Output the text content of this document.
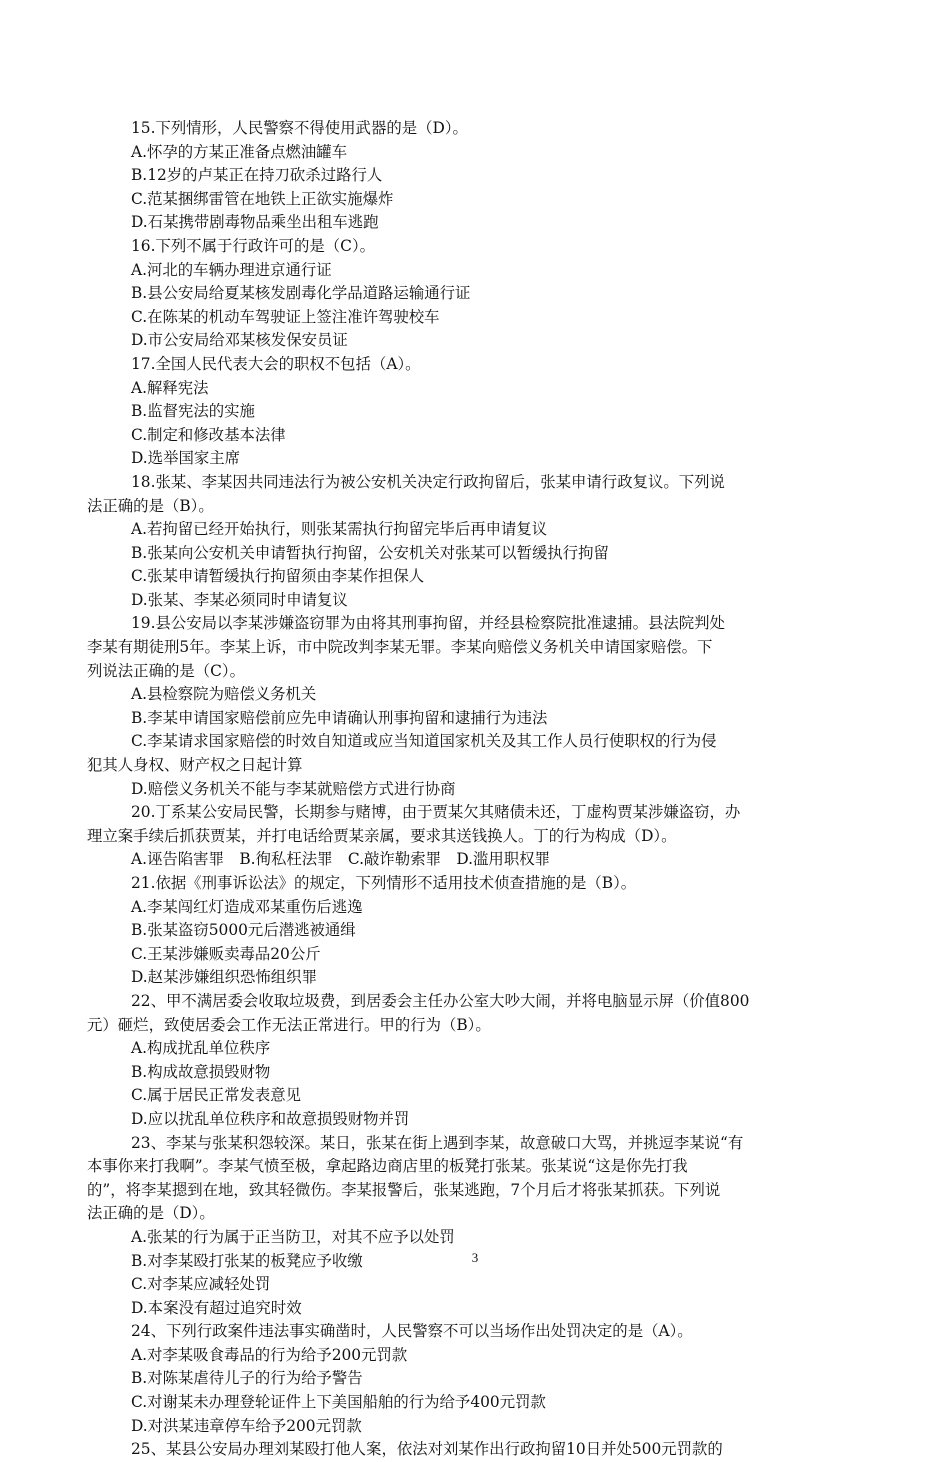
15.下列情形，人民警察不得使用武器的是（D）。
A.怀孕的方某正准备点燃油罐车
B.12岁的卢某正在持刀砍杀过路行人
C.范某捆绑雷管在地铁上正欲实施爆炸
D.石某携带剧毒物品乘坐出租车逃跑
16.下列不属于行政许可的是（C）。
A.河北的车辆办理进京通行证
B.县公安局给夏某核发剧毒化学品道路运输通行证
C.在陈某的机动车驾驶证上签注准许驾驶校车
D.市公安局给邓某核发保安员证
17.全国人民代表大会的职权不包括（A）。
A.解释宪法
B.监督宪法的实施
C.制定和修改基本法律
D.选举国家主席
18.张某、李某因共同违法行为被公安机关决定行政拘留后，张某申请行政复议。下列说
法正确的是（B）。
A.若拘留已经开始执行，则张某需执行拘留完毕后再申请复议
B.张某向公安机关申请暂执行拘留，公安机关对张某可以暂缓执行拘留
C.张某申请暂缓执行拘留须由李某作担保人
D.张某、李某必须同时申请复议
19.县公安局以李某涉嫌盗窃罪为由将其刑事拘留，并经县检察院批准逮捕。县法院判处
李某有期徒刑5年。李某上诉，市中院改判李某无罪。李某向赔偿义务机关申请国家赔偿。下
列说法正确的是（C）。
A.县检察院为赔偿义务机关
B.李某申请国家赔偿前应先申请确认刑事拘留和逮捕行为违法
C.李某请求国家赔偿的时效自知道或应当知道国家机关及其工作人员行使职权的行为侵
犯其人身权、财产权之日起计算
D.赔偿义务机关不能与李某就赔偿方式进行协商
20.丁系某公安局民警，长期参与赌博，由于贾某欠其赌债未还，丁虚构贾某涉嫌盗窃，办
理立案手续后抓获贾某，并打电话给贾某亲属，要求其送钱换人。丁的行为构成（D）。
A.诬告陷害罪　B.徇私枉法罪　C.敲诈勒索罪　D.滥用职权罪
21.依据《刑事诉讼法》的规定，下列情形不适用技术侦查措施的是（B）。
A.李某闯红灯造成邓某重伤后逃逸
B.张某盗窃5000元后潜逃被通缉
C.王某涉嫌贩卖毒品20公斤
D.赵某涉嫌组织恐怖组织罪
22、甲不满居委会收取垃圾费，到居委会主任办公室大吵大闹，并将电脑显示屏（价值800
元）砸烂，致使居委会工作无法正常进行。甲的行为（B）。
A.构成扰乱单位秩序
B.构成故意损毁财物
C.属于居民正常发表意见
D.应以扰乱单位秩序和故意损毁财物并罚
23、李某与张某积怨较深。某日，张某在街上遇到李某，故意破口大骂，并挑逗李某说“有
本事你来打我啊”。李某气愤至极，拿起路边商店里的板凳打张某。张某说“这是你先打我
的”，将李某摁到在地，致其轻微伤。李某报警后，张某逃跑，7个月后才将张某抓获。下列说
法正确的是（D）。
A.张某的行为属于正当防卫，对其不应予以处罚
B.对李某殴打张某的板凳应予收缴
C.对李某应减轻处罚
D.本案没有超过追究时效
24、下列行政案件违法事实确凿时，人民警察不可以当场作出处罚决定的是（A）。
A.对李某吸食毒品的行为给予200元罚款
B.对陈某虐待儿子的行为给予警告
C.对谢某未办理登轮证件上下美国船舶的行为给予400元罚款
D.对洪某违章停车给予200元罚款
25、某县公安局办理刘某殴打他人案，依法对刘某作出行政拘留10日并处500元罚款的
3
